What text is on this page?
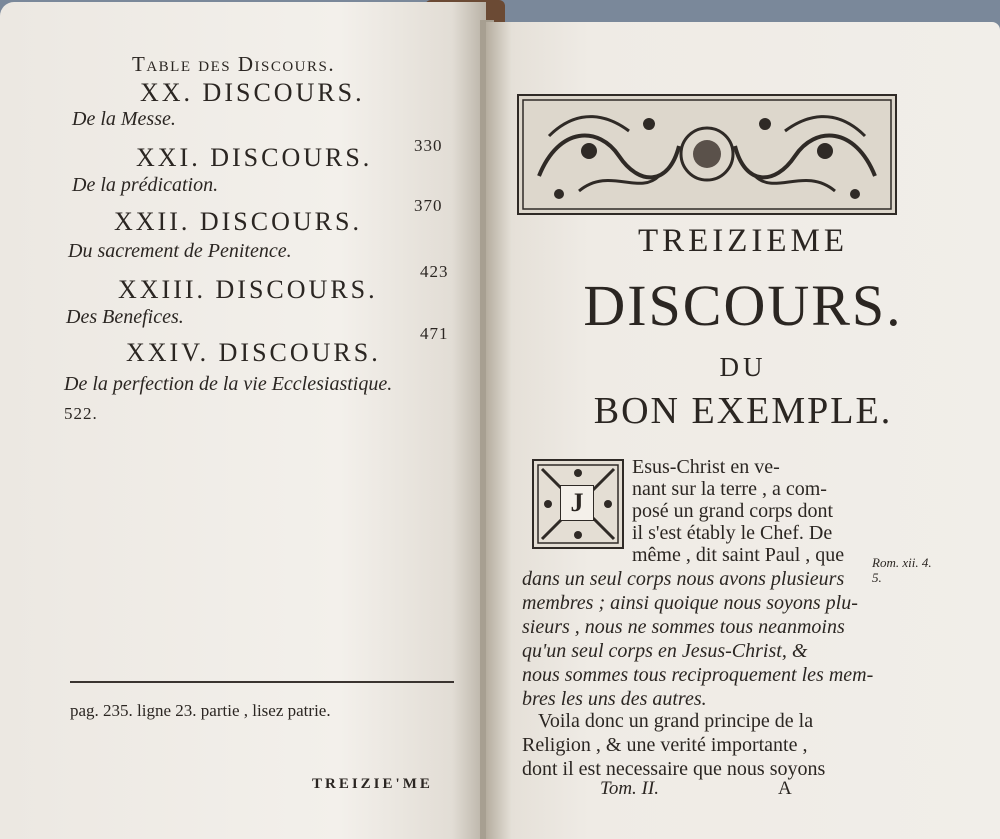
Table des Discours.
XX. DISCOURS.
De la Messe.
330
XXI. DISCOURS.
De la prédication.
370
XXII. DISCOURS.
Du sacrement de Penitence.
423
XXIII. DISCOURS.
Des Benefices.
471
XXIV. DISCOURS.
De la perfection de la vie Ecclesiastique.
522.
pag. 235. ligne 23. partie , lisez patrie.
TREIZIE'ME
TREIZIEME
DISCOURS.
DU
BON EXEMPLE.
J
Esus-Christ en ve-
nant sur la terre , a com-
posé un grand corps dont
il s'est étably le Chef. De
même , dit saint Paul , que
dans un seul corps nous avons plusieurs
membres ; ainsi quoique nous soyons plu-
sieurs , nous ne sommes tous neanmoins
qu'un seul corps en Jesus-Christ, &
nous sommes tous reciproquement les mem-
bres les uns des autres.
Voila donc un grand principe de la
Religion , & une verité importante ,
dont il est necessaire que nous soyons
Rom. xii. 4. 5.
Tom. II.	A
